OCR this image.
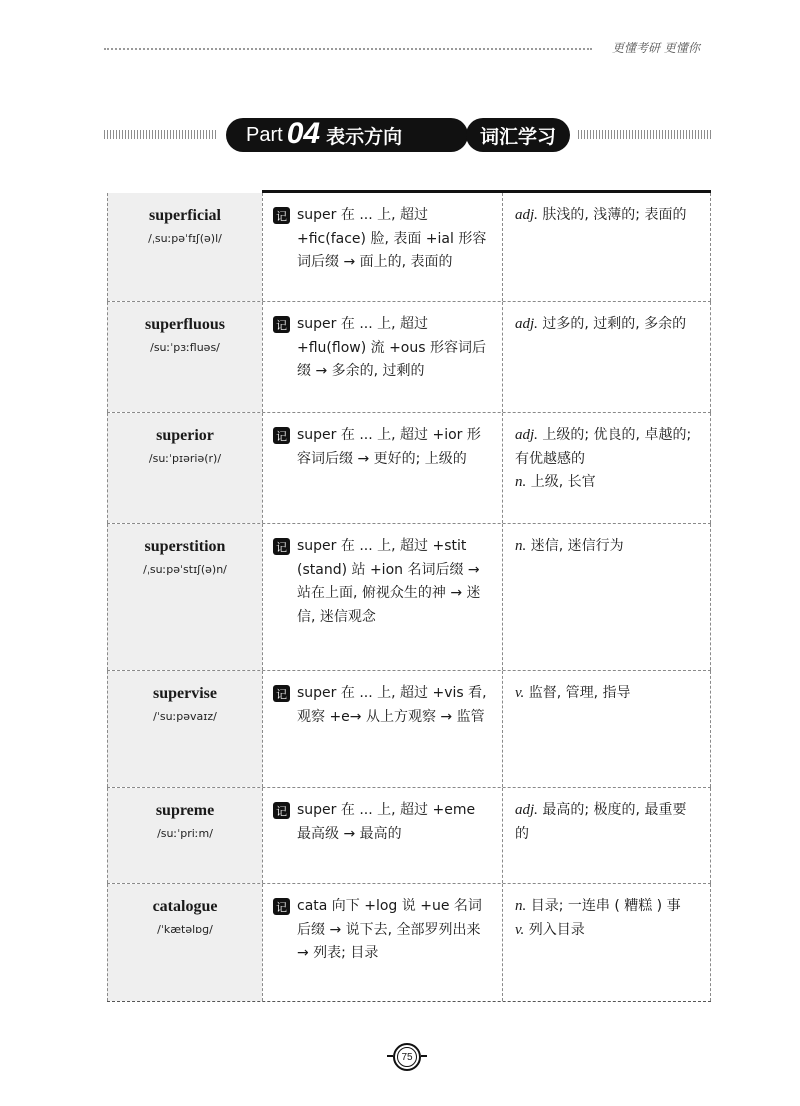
更懂考研 更懂你
Part 04 表示方向	词汇学习
superficial
/ˌsuːpəˈfɪʃ(ə)l/
记 super 在 ... 上, 超过 +fic(face) 脸, 表面 +ial 形容词后缀 → 面上的, 表面的
adj. 肤浅的, 浅薄的; 表面的
superfluous
/suːˈpɜːfluəs/
记 super 在 ... 上, 超过 +flu(flow) 流 +ous 形容词后缀 → 多余的, 过剩的
adj. 过多的, 过剩的, 多余的
superior
/suːˈpɪəriə(r)/
记 super 在 ... 上, 超过 +ior 形容词后缀 → 更好的; 上级的
adj. 上级的; 优良的, 卓越的; 有优越感的
n. 上级, 长官
superstition
/ˌsuːpəˈstɪʃ(ə)n/
记 super 在 ... 上, 超过 +stit (stand) 站 +ion 名词后缀 → 站在上面, 俯视众生的神 → 迷信, 迷信观念
n. 迷信, 迷信行为
supervise
/ˈsuːpəvaɪz/
记 super 在 ... 上, 超过 +vis 看, 观察 +e→ 从上方观察 → 监管
v. 监督, 管理, 指导
supreme
/suːˈpriːm/
记 super 在 ... 上, 超过 +eme 最高级 → 最高的
adj. 最高的; 极度的, 最重要的
catalogue
/ˈkætəlɒɡ/
记 cata 向下 +log 说 +ue 名词后缀 → 说下去, 全部罗列出来 → 列表; 目录
n. 目录; 一连串 ( 糟糕 ) 事
v. 列入目录
75
